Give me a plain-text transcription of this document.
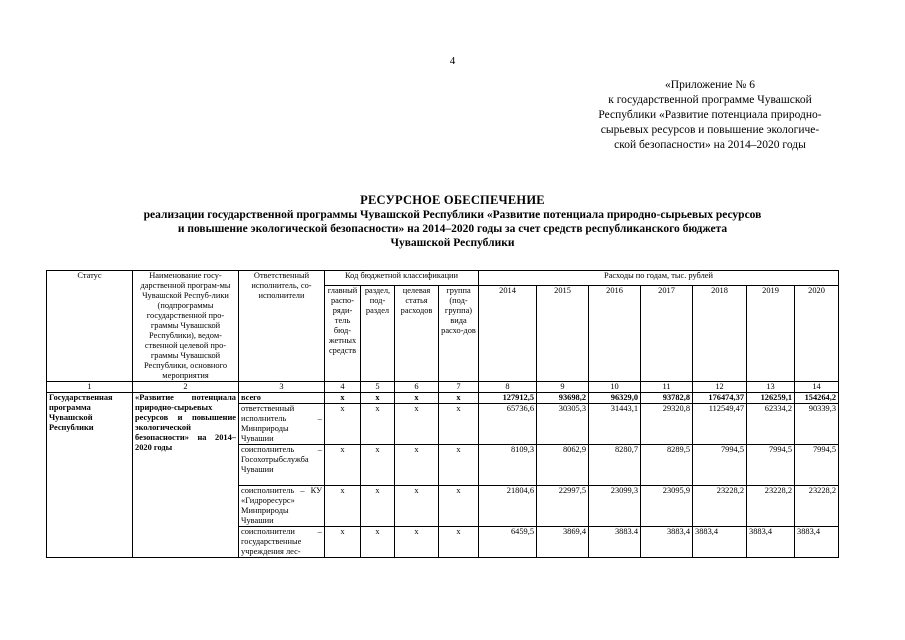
4
«Приложение № 6
к государственной программе Чувашской
Республики «Развитие потенциала природно-
сырьевых ресурсов и повышение экологиче-
ской безопасности» на 2014–2020 годы
РЕСУРСНОЕ ОБЕСПЕЧЕНИЕ
реализации государственной программы Чувашской Республики «Развитие потенциала природно-сырьевых ресурсов
и повышение экологической безопасности» на 2014–2020 годы за счет средств республиканского бюджета
Чувашской Республики
Статус	Наименование госу-дарственной програм-мы Чувашской Респуб-лики (подпрограммы государственной про-граммы Чувашской Республики), ведом-ственной целевой про-граммы Чувашской Республики, основного мероприятия	Ответственный исполнитель, со-исполнители	Код бюджетной классификации				Расходы по годам, тыс. рублей						
			главный распо-ряди-тель бюд-жетных средств	раздел, под-раздел	целевая статья расходов	группа (под-группа) вида расхо-дов	2014	2015	2016	2017	2018	2019	2020
1	2	3	4	5	6	7	8	9	10	11	12	13	14
Государственная программа Чувашской Республики	«Развитие потенциала природно-сырьевых ресурсов и повышение экологической безопасности» на 2014–2020 годы	всего	х	х	х	х	127912,5	93698,2	96329,0	93782,8	176474,37	126259,1	154264,2
		ответственный исполнитель – Минприроды Чувашии	х	х	х	х	65736,6	30305,3	31443,1	29320,8	112549,47	62334,2	90339,3
		соисполнитель – Госохотрыбслужба Чувашии	х	х	х	х	8109,3	8062,9	8280,7	8289,5	7994,5	7994,5	7994,5
		соисполнитель – КУ «Гидроресурс» Минприроды Чувашии	х	х	х	х	21804,6	22997,5	23099,3	23095,9	23228,2	23228,2	23228,2
		соисполнители – государственные учреждения лес-	х	х	х	х	6459,5	3869,4	3883.4	3883,4	3883,4	3883,4	3883,4
